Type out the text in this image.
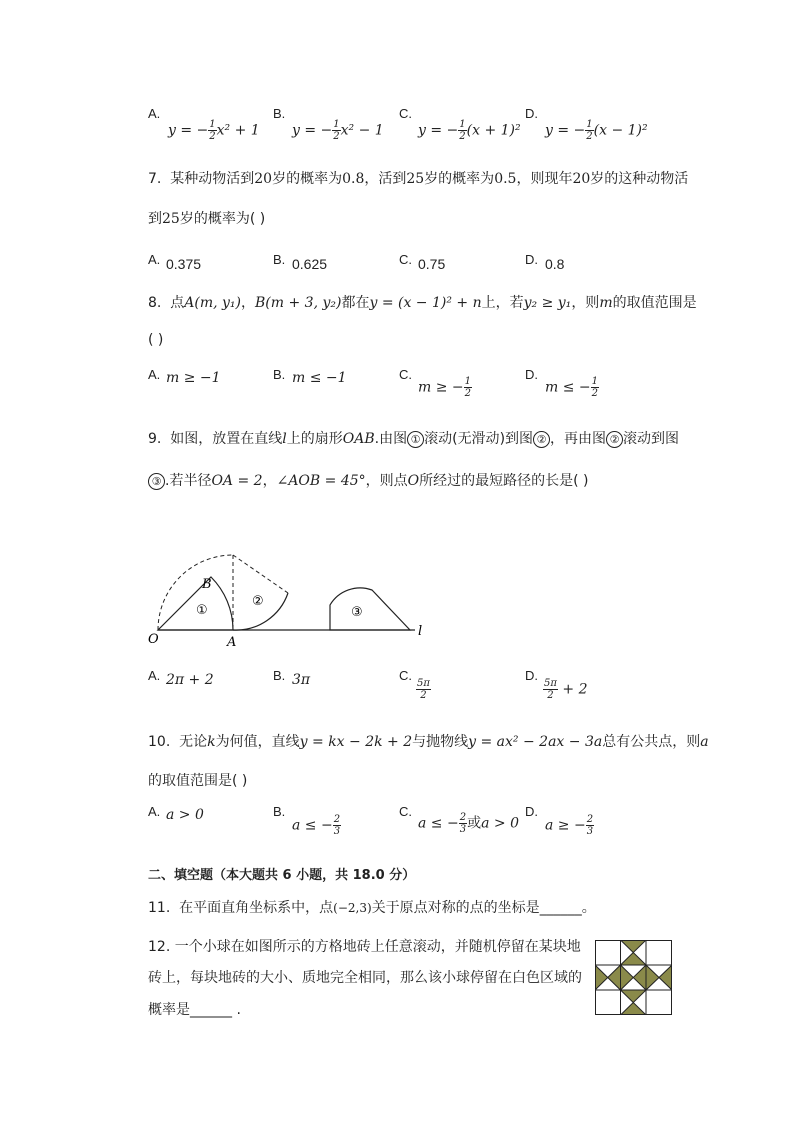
A.
y = − $\frac{1}{2} x^2 + 1$
B.
y = − $\frac{1}{2} x^2 - 1$
C.
y = − $\frac{1}{2} (x + 1)^2$
D.
y = − $\frac{1}{2} (x - 1)^2$
7. 某种动物活到20岁的概率为0.8，活到25岁的概率为0.5，则现年20岁的这种动物活
到25岁的概率为( )
A. 0.375	B. 0.625	C. 0.75	D. 0.8
8. 点A(m, y₁)，B(m + 3, y₂)都在y = (x − 1)² + n上，若y₂ ≥ y₁，则m的取值范围是
( )
A. m ≥ −1	B. m ≤ −1	C.
m ≥ − $\frac{1}{2}$
D.
m ≤ − $\frac{1}{2}$
9. 如图，放置在直线l上的扇形OAB.由图 ① 滚动(无滑动)到图 ② ，再由图 ② 滚动到图
③ .若半径OA = 2，∠AOB = 45°，则点O所经过的最短路径的长是( )
O	A
B
l
①
②
③
A. 2π + 2	B. 3π	C.
$\frac{5\pi}{2}$
D.
$\frac{5\pi}{2} + 2$
10. 无论k为何值，直线y = kx − 2k + 2与抛物线y = ax² − 2ax − 3a总有公共点，则a
的取值范围是( )
A. a > 0	B.
a ≤ − $\frac{2}{3}$
C.
a ≤ − $\frac{2}{3}$ 或a > 0
D.
a ≥ − $\frac{2}{3}$
二、填空题（本大题共 6 小题，共 18.0 分）
11. 在平面直角坐标系中，点(−2,3)关于原点对称的点的坐标是______。
12. 一个小球在如图所示的方格地砖上任意滚动，并随机停留在某块地
砖上，每块地砖的大小、质地完全相同，那么该小球停留在白色区域的
概率是______ .
